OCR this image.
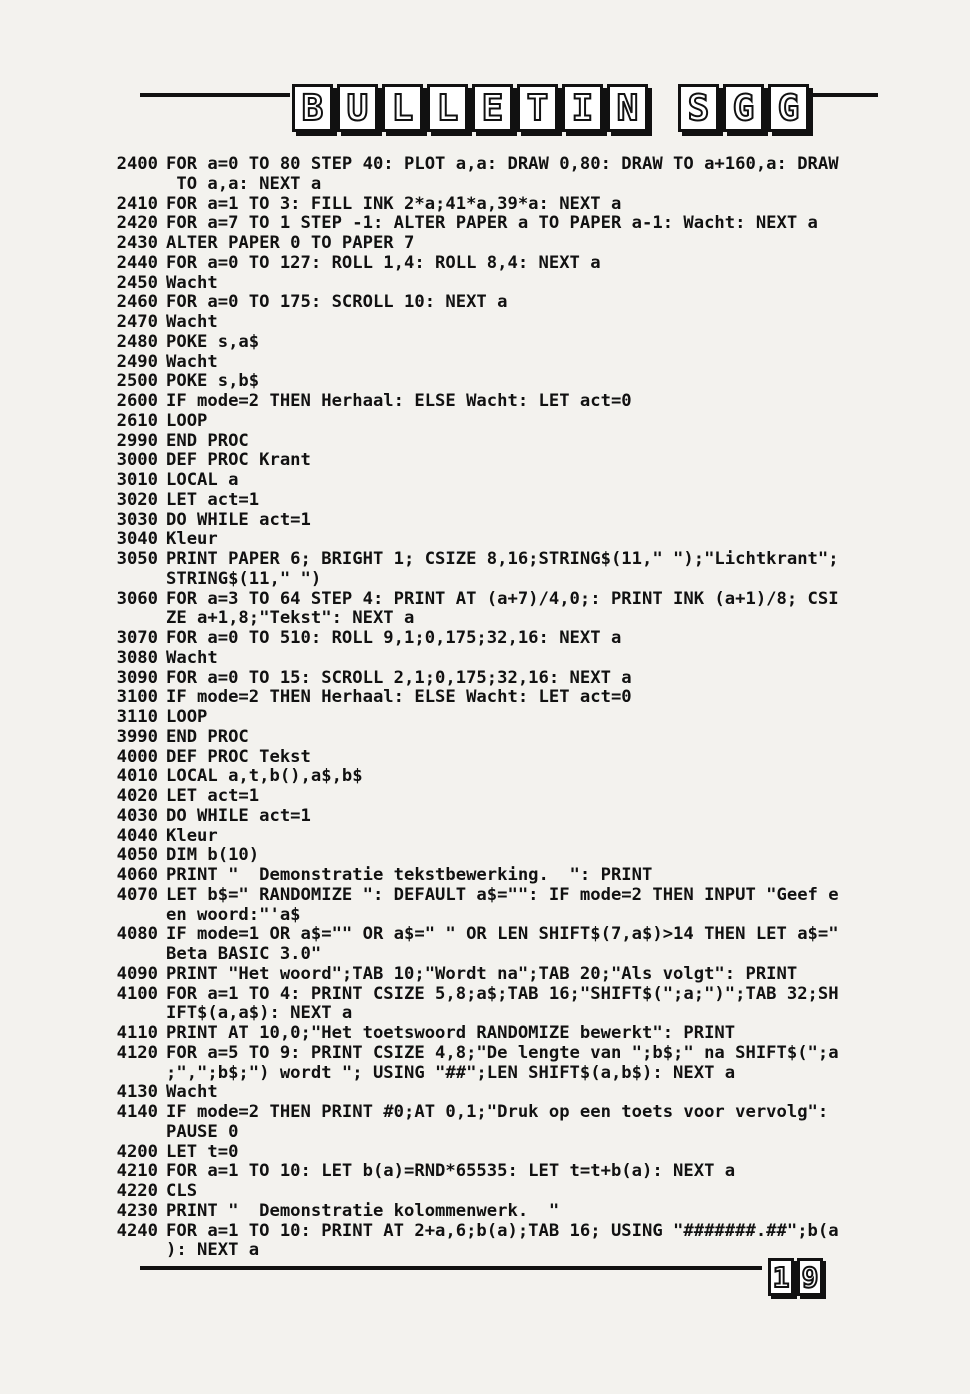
B U L L E T I N S G G
2400 FOR a=0 TO 80 STEP 40: PLOT a,a: DRAW 0,80: DRAW TO a+160,a: DRAW
TO a,a: NEXT a
2410 FOR a=1 TO 3: FILL INK 2*a;41*a,39*a: NEXT a
2420 FOR a=7 TO 1 STEP -1: ALTER PAPER a TO PAPER a-1: Wacht: NEXT a
2430 ALTER PAPER 0 TO PAPER 7
2440 FOR a=0 TO 127: ROLL 1,4: ROLL 8,4: NEXT a
2450 Wacht
2460 FOR a=0 TO 175: SCROLL 10: NEXT a
2470 Wacht
2480 POKE s,a$
2490 Wacht
2500 POKE s,b$
2600 IF mode=2 THEN Herhaal: ELSE Wacht: LET act=0
2610 LOOP
2990 END PROC
3000 DEF PROC Krant
3010 LOCAL a
3020 LET act=1
3030 DO WHILE act=1
3040 Kleur
3050 PRINT PAPER 6; BRIGHT 1; CSIZE 8,16;STRING$(11," ");"Lichtkrant";
STRING$(11," ")
3060 FOR a=3 TO 64 STEP 4: PRINT AT (a+7)/4,0;: PRINT INK (a+1)/8; CSI
ZE a+1,8;"Tekst": NEXT a
3070 FOR a=0 TO 510: ROLL 9,1;0,175;32,16: NEXT a
3080 Wacht
3090 FOR a=0 TO 15: SCROLL 2,1;0,175;32,16: NEXT a
3100 IF mode=2 THEN Herhaal: ELSE Wacht: LET act=0
3110 LOOP
3990 END PROC
4000 DEF PROC Tekst
4010 LOCAL a,t,b(),a$,b$
4020 LET act=1
4030 DO WHILE act=1
4040 Kleur
4050 DIM b(10)
4060 PRINT "  Demonstratie tekstbewerking.  ": PRINT
4070 LET b$=" RANDOMIZE ": DEFAULT a$="": IF mode=2 THEN INPUT "Geef e
en woord:"'a$
4080 IF mode=1 OR a$="" OR a$=" " OR LEN SHIFT$(7,a$)>14 THEN LET a$="
Beta BASIC 3.0"
4090 PRINT "Het woord";TAB 10;"Wordt na";TAB 20;"Als volgt": PRINT
4100 FOR a=1 TO 4: PRINT CSIZE 5,8;a$;TAB 16;"SHIFT$(";a;")";TAB 32;SH
IFT$(a,a$): NEXT a
4110 PRINT AT 10,0;"Het toetswoord RANDOMIZE bewerkt": PRINT
4120 FOR a=5 TO 9: PRINT CSIZE 4,8;"De lengte van ";b$;" na SHIFT$(";a
;",";b$;") wordt "; USING "##";LEN SHIFT$(a,b$): NEXT a
4130 Wacht
4140 IF mode=2 THEN PRINT #0;AT 0,1;"Druk op een toets voor vervolg":
PAUSE 0
4200 LET t=0
4210 FOR a=1 TO 10: LET b(a)=RND*65535: LET t=t+b(a): NEXT a
4220 CLS
4230 PRINT "  Demonstratie kolommenwerk.  "
4240 FOR a=1 TO 10: PRINT AT 2+a,6;b(a);TAB 16; USING "#######.##";b(a
): NEXT a
1 9
